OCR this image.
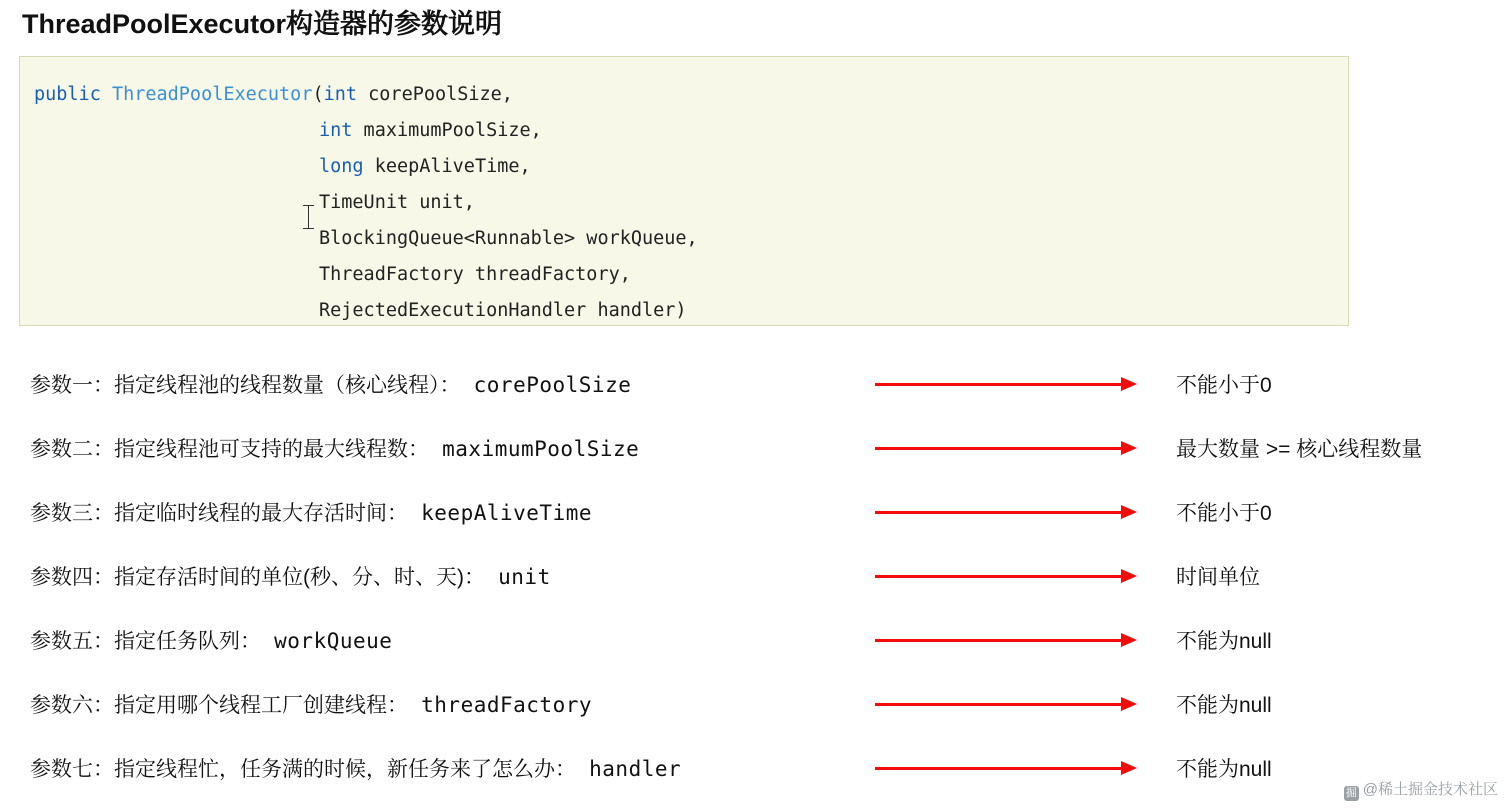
ThreadPoolExecutor构造器的参数说明
public ThreadPoolExecutor(int corePoolSize,
int maximumPoolSize,
long keepAliveTime,
TimeUnit unit,
BlockingQueue<Runnable> workQueue,
ThreadFactory threadFactory,
RejectedExecutionHandler handler)
参数一：指定线程池的线程数量（核心线程）： corePoolSize	不能小于0
参数二：指定线程池可支持的最大线程数： maximumPoolSize	最大数量 >= 核心线程数量
参数三：指定临时线程的最大存活时间： keepAliveTime	不能小于0
参数四：指定存活时间的单位(秒、分、时、天)： unit	时间单位
参数五：指定任务队列： workQueue	不能为null
参数六：指定用哪个线程工厂创建线程： threadFactory	不能为null
参数七：指定线程忙，任务满的时候，新任务来了怎么办： handler	不能为null
掘 @稀土掘金技术社区
